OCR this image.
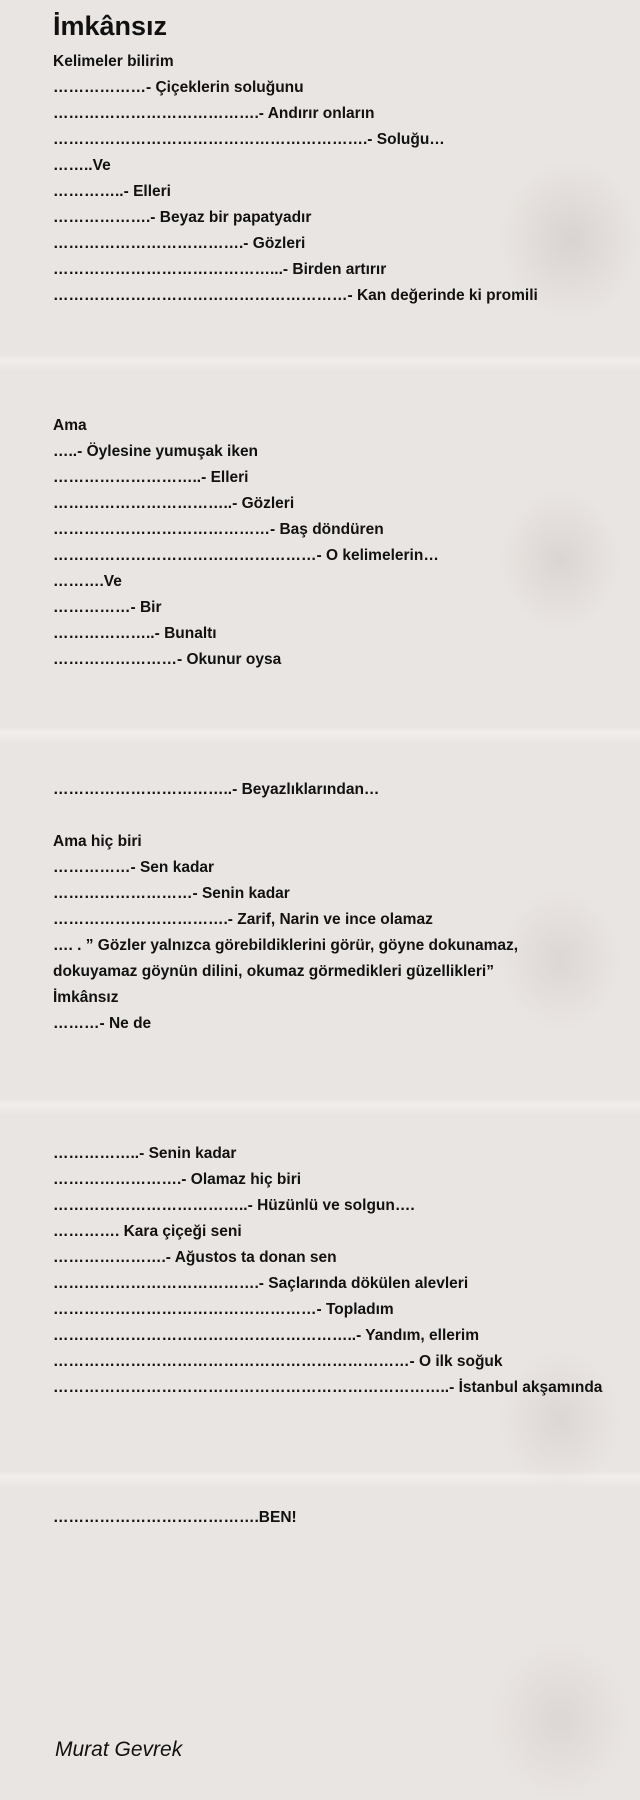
İmkânsız
Kelimeler bilirim
………………- Çiçeklerin soluğunu
………………………………….- Andırır onların
…………………………………………………….- Soluğu…
……..Ve
…………..- Elleri
……………….- Beyaz bir papatyadır
……………………………….- Gözleri
……………………………………...- Birden artırır
…………………………………………………- Kan değerinde ki promili
Ama
…..- Öylesine yumuşak iken
………………………..- Elleri
……………………………..- Gözleri
……………………………………- Baş döndüren
……………………………………………- O kelimelerin…
……….Ve
……………- Bir
………………..- Bunaltı
……………………- Okunur oysa
……………………………..- Beyazlıklarından…
Ama hiç biri
……………- Sen kadar
………………………- Senin kadar
…………………………….- Zarif, Narin ve ince olamaz
…. . ” Gözler yalnızca görebildiklerini görür, göyne dokunamaz,
dokuyamaz göynün dilini, okumaz görmedikleri güzellikleri”
İmkânsız
………- Ne de
……………..- Senin kadar
…………………….- Olamaz hiç biri
………………………………..- Hüzünlü ve solgun….
…………. Kara çiçeği seni
………………….- Ağustos ta donan sen
………………………………….- Saçlarında dökülen alevleri
……………………………………………- Topladım
…………………………………………………..- Yandım, ellerim
……………………………………………………………- O ilk soğuk
…………………………………………………………………..- İstanbul akşamında
………………………………….BEN!
Murat Gevrek
